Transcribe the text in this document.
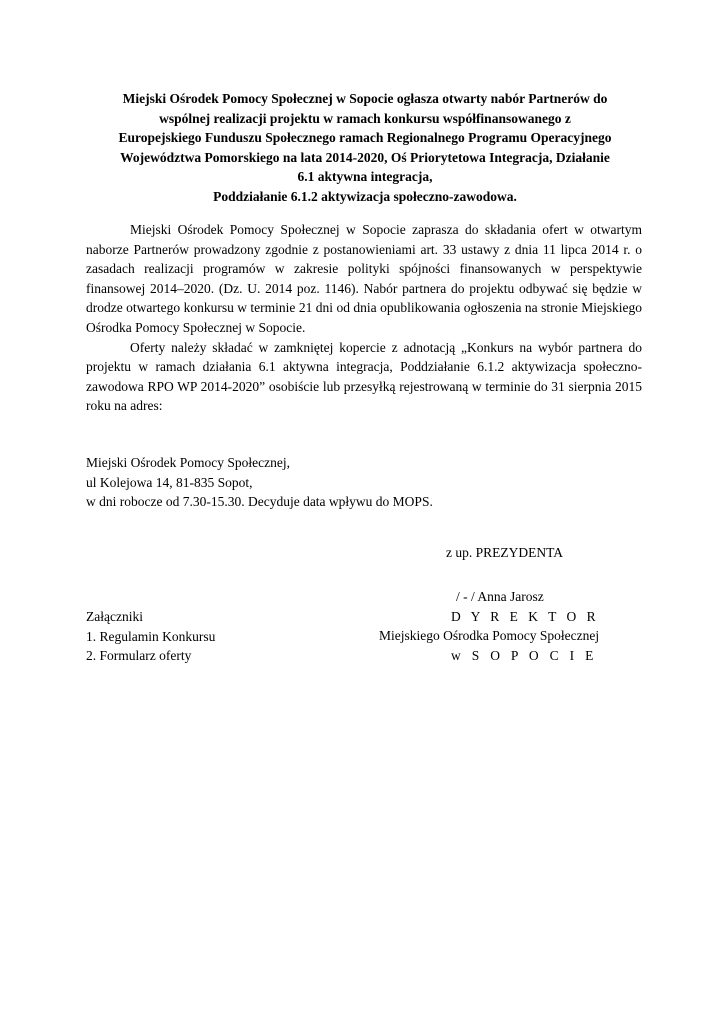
Miejski Ośrodek Pomocy Społecznej w Sopocie ogłasza otwarty nabór Partnerów do
wspólnej realizacji projektu w ramach konkursu współfinansowanego z
Europejskiego Funduszu Społecznego ramach Regionalnego Programu Operacyjnego
Województwa Pomorskiego na lata 2014-2020, Oś Priorytetowa Integracja, Działanie
6.1 aktywna integracja,
Poddziałanie 6.1.2 aktywizacja społeczno-zawodowa.

Miejski Ośrodek Pomocy Społecznej w Sopocie zaprasza do składania ofert w otwartym naborze Partnerów prowadzony zgodnie z postanowieniami art. 33 ustawy z dnia 11 lipca 2014 r. o zasadach realizacji programów w zakresie polityki spójności finansowanych w perspektywie finansowej 2014–2020. (Dz. U. 2014 poz. 1146). Nabór partnera do projektu odbywać się będzie w drodze otwartego konkursu w terminie 21 dni od dnia opublikowania ogłoszenia na stronie Miejskiego Ośrodka Pomocy Społecznej w Sopocie.

Oferty należy składać w zamkniętej kopercie z adnotacją „Konkurs na wybór partnera do projektu w ramach działania 6.1 aktywna integracja, Poddziałanie 6.1.2 aktywizacja społeczno-zawodowa RPO WP 2014-2020” osobiście lub przesyłką rejestrowaną w terminie do 31 sierpnia 2015 roku na adres:

Miejski Ośrodek Pomocy Społecznej,
ul Kolejowa 14, 81-835 Sopot,
w dni robocze od 7.30-15.30. Decyduje data wpływu do MOPS.
z up. PREZYDENTA
/ - / Anna Jarosz
D Y R E K T O R
Miejskiego Ośrodka Pomocy Społecznej
w S O P O C I E
Załączniki
1. Regulamin Konkursu
2. Formularz oferty
